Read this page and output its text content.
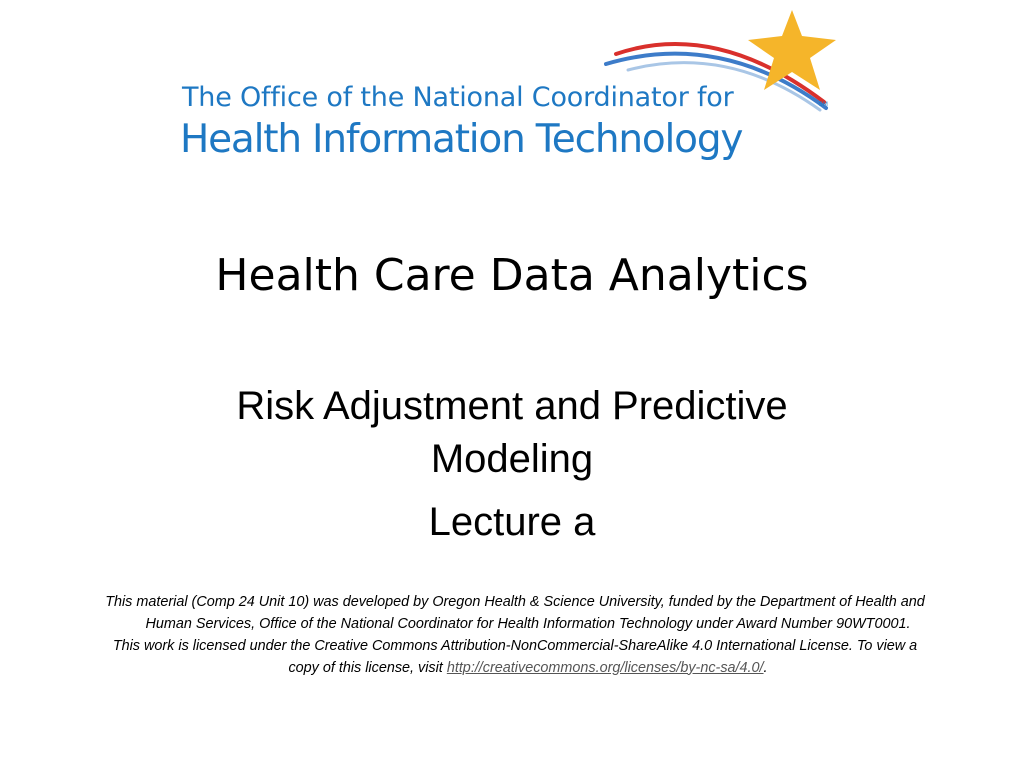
SM
The Office of the National Coordinator for
Health Information Technology
Health Care Data Analytics
Risk Adjustment and Predictive Modeling
Lecture a

This material (Comp 24 Unit 10) was developed by Oregon Health & Science University, funded by the Department of Health and Human Services, Office of the National Coordinator for Health Information Technology under Award Number 90WT0001.

This work is licensed under the Creative Commons Attribution-NonCommercial-ShareAlike 4.0 International License. To view a copy of this license, visit http://creativecommons.org/licenses/by-nc-sa/4.0/.
